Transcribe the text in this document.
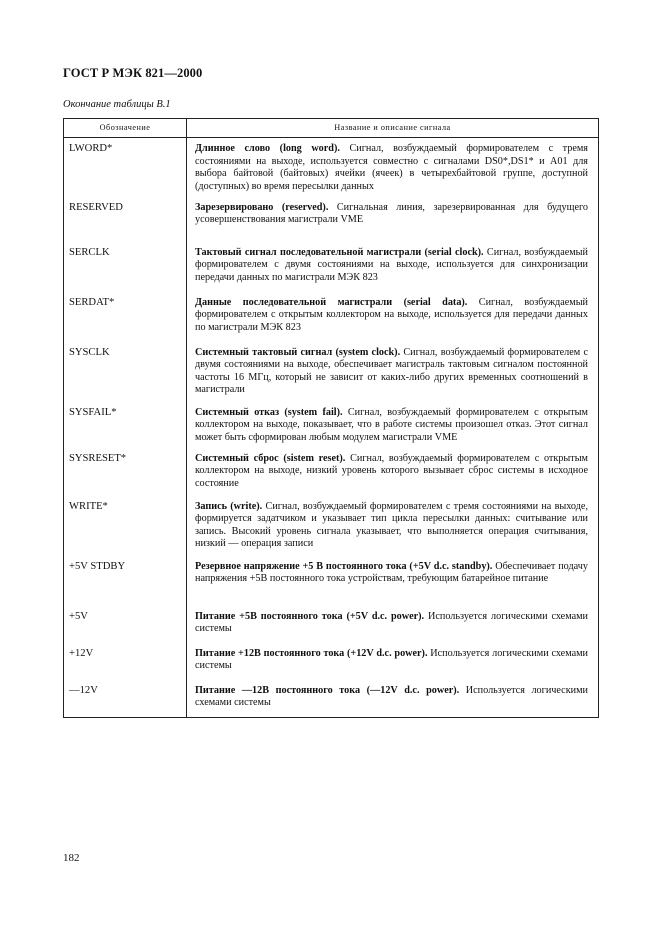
ГОСТ Р МЭК 821—2000
Окончание таблицы В.1
Обозначение	Название и описание сигнала
LWORD*	Длинное слово (long word). Сигнал, возбуждаемый формирователем с тремя состояниями на выходе, используется совместно с сигналами DS0*,DS1* и A01 для выбора байтовой (байтовых) ячейки (ячеек) в четырехбайтовой группе, доступной (доступных) во время пересылки данных
RESERVED	Зарезервировано (reserved). Сигнальная линия, зарезервированная для будущего усовершенствования магистрали VME
SERCLK	Тактовый сигнал последовательной магистрали (serial clock). Сигнал, возбуждаемый формирователем с двумя состояниями на выходе, используется для синхронизации передачи данных по магистрали МЭК 823
SERDAT*	Данные последовательной магистрали (serial data). Сигнал, возбуждаемый формирователем с открытым коллектором на выходе, используется для передачи данных по магистрали МЭК 823
SYSCLK	Системный тактовый сигнал (system clock). Сигнал, возбуждаемый формирователем с двумя состояниями на выходе, обеспечивает магистраль тактовым сигналом постоянной частоты 16 МГц, который не зависит от каких-либо других временных соотношений в магистрали
SYSFAIL*	Системный отказ (system fail). Сигнал, возбуждаемый формирователем с открытым коллектором на выходе, показывает, что в работе системы произошел отказ. Этот сигнал может быть сформирован любым модулем магистрали VME
SYSRESET*	Системный сброс (sistem reset). Сигнал, возбуждаемый формирователем с открытым коллектором на выходе, низкий уровень которого вызывает сброс системы в исходное состояние
WRITE*	Запись (write). Сигнал, возбуждаемый формирователем с тремя состояниями на выходе, формируется задатчиком и указывает тип цикла пересылки данных: считывание или запись. Высокий уровень сигнала указывает, что выполняется операция считывания, низкий — операция записи
+5V STDBY	Резервное напряжение +5 В постоянного тока (+5V d.c. standby). Обеспечивает подачу напряжения +5В постоянного тока устройствам, требующим батарейное питание
+5V	Питание +5В постоянного тока (+5V d.c. power). Используется логическими схемами системы
+12V	Питание +12В постоянного тока (+12V d.c. power). Используется логическими схемами системы
—12V	Питание —12В постоянного тока (—12V d.c. power). Используется логическими схемами системы
182
